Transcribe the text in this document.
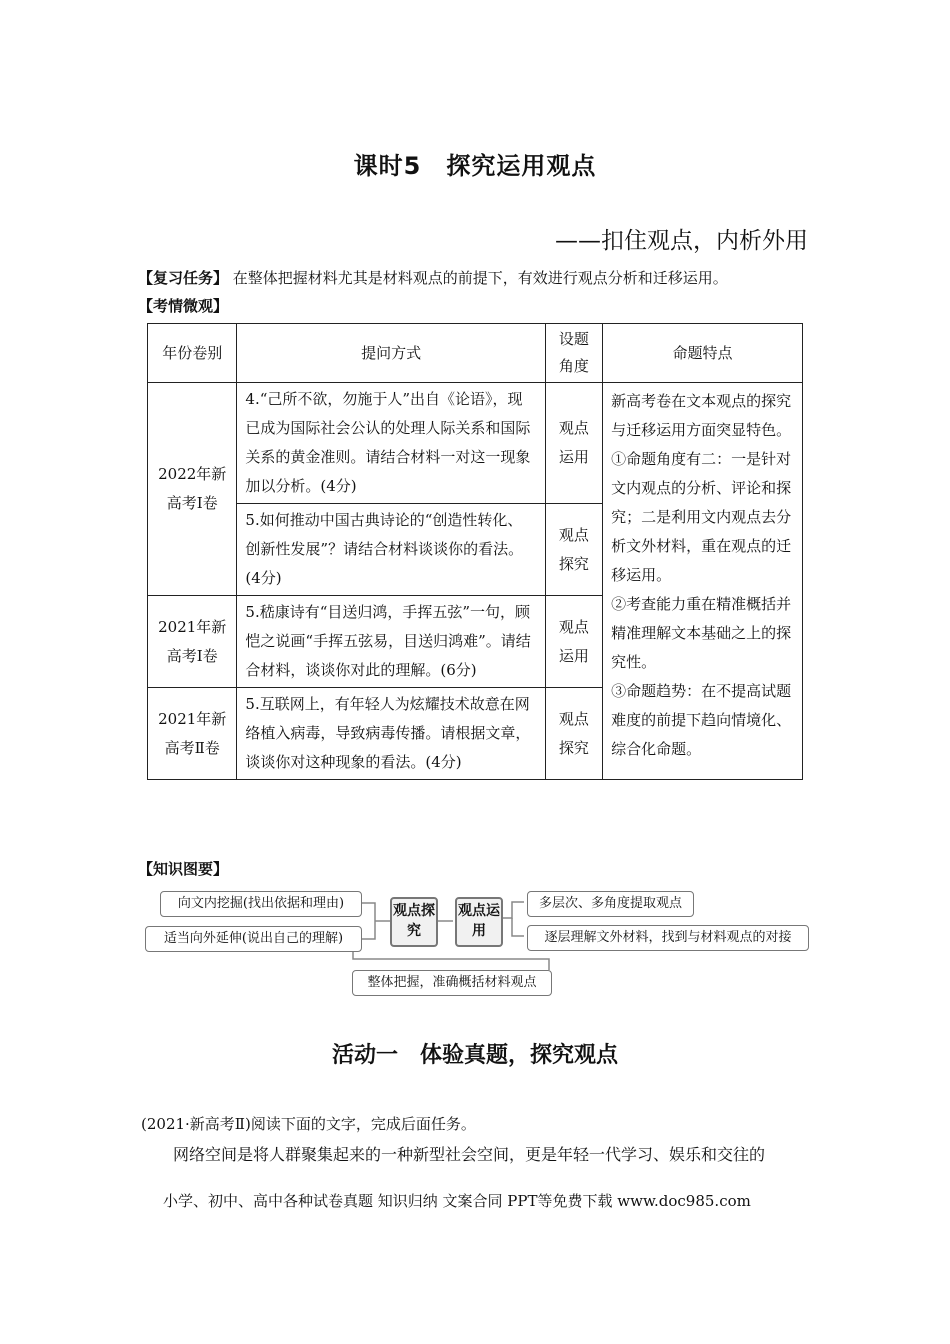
课时5　探究运用观点
——扣住观点，内析外用
【复习任务】 在整体把握材料尤其是材料观点的前提下，有效进行观点分析和迁移运用。
【考情微观】
年份卷别	提问方式	设题角度	命题特点
2022年新高考Ⅰ卷	4.“己所不欲，勿施于人”出自《论语》，现已成为国际社会公认的处理人际关系和国际关系的黄金准则。请结合材料一对这一现象加以分析。(4分)	观点运用	新高考卷在文本观点的探究与迁移运用方面突显特色。
①命题角度有二：一是针对文内观点的分析、评论和探究；二是利用文内观点去分析文外材料，重在观点的迁移运用。
②考查能力重在精准概括并精准理解文本基础之上的探究性。
③命题趋势：在不提高试题难度的前提下趋向情境化、综合化命题。

	5.如何推动中国古典诗论的“创造性转化、创新性发展”？请结合材料谈谈你的看法。(4分)	观点探究	
2021年新高考Ⅰ卷	5.嵇康诗有“目送归鸿，手挥五弦”一句，顾恺之说画“手挥五弦易，目送归鸿难”。请结合材料，谈谈你对此的理解。(6分)	观点运用	
2021年新高考Ⅱ卷	5.互联网上，有年轻人为炫耀技术故意在网络植入病毒，导致病毒传播。请根据文章，谈谈你对这种现象的看法。(4分)	观点探究	
【知识图要】
向文内挖掘(找出依据和理由)
适当向外延伸(说出自己的理解)
观点探究
观点运用
多层次、多角度提取观点
逐层理解文外材料，找到与材料观点的对接
整体把握，准确概括材料观点
活动一　体验真题，探究观点
(2021·新高考Ⅱ)阅读下面的文字，完成后面任务。
网络空间是将人群聚集起来的一种新型社会空间，更是年轻一代学习、娱乐和交往的
小学、初中、高中各种试卷真题 知识归纳 文案合同 PPT等免费下载 www.doc985.com
